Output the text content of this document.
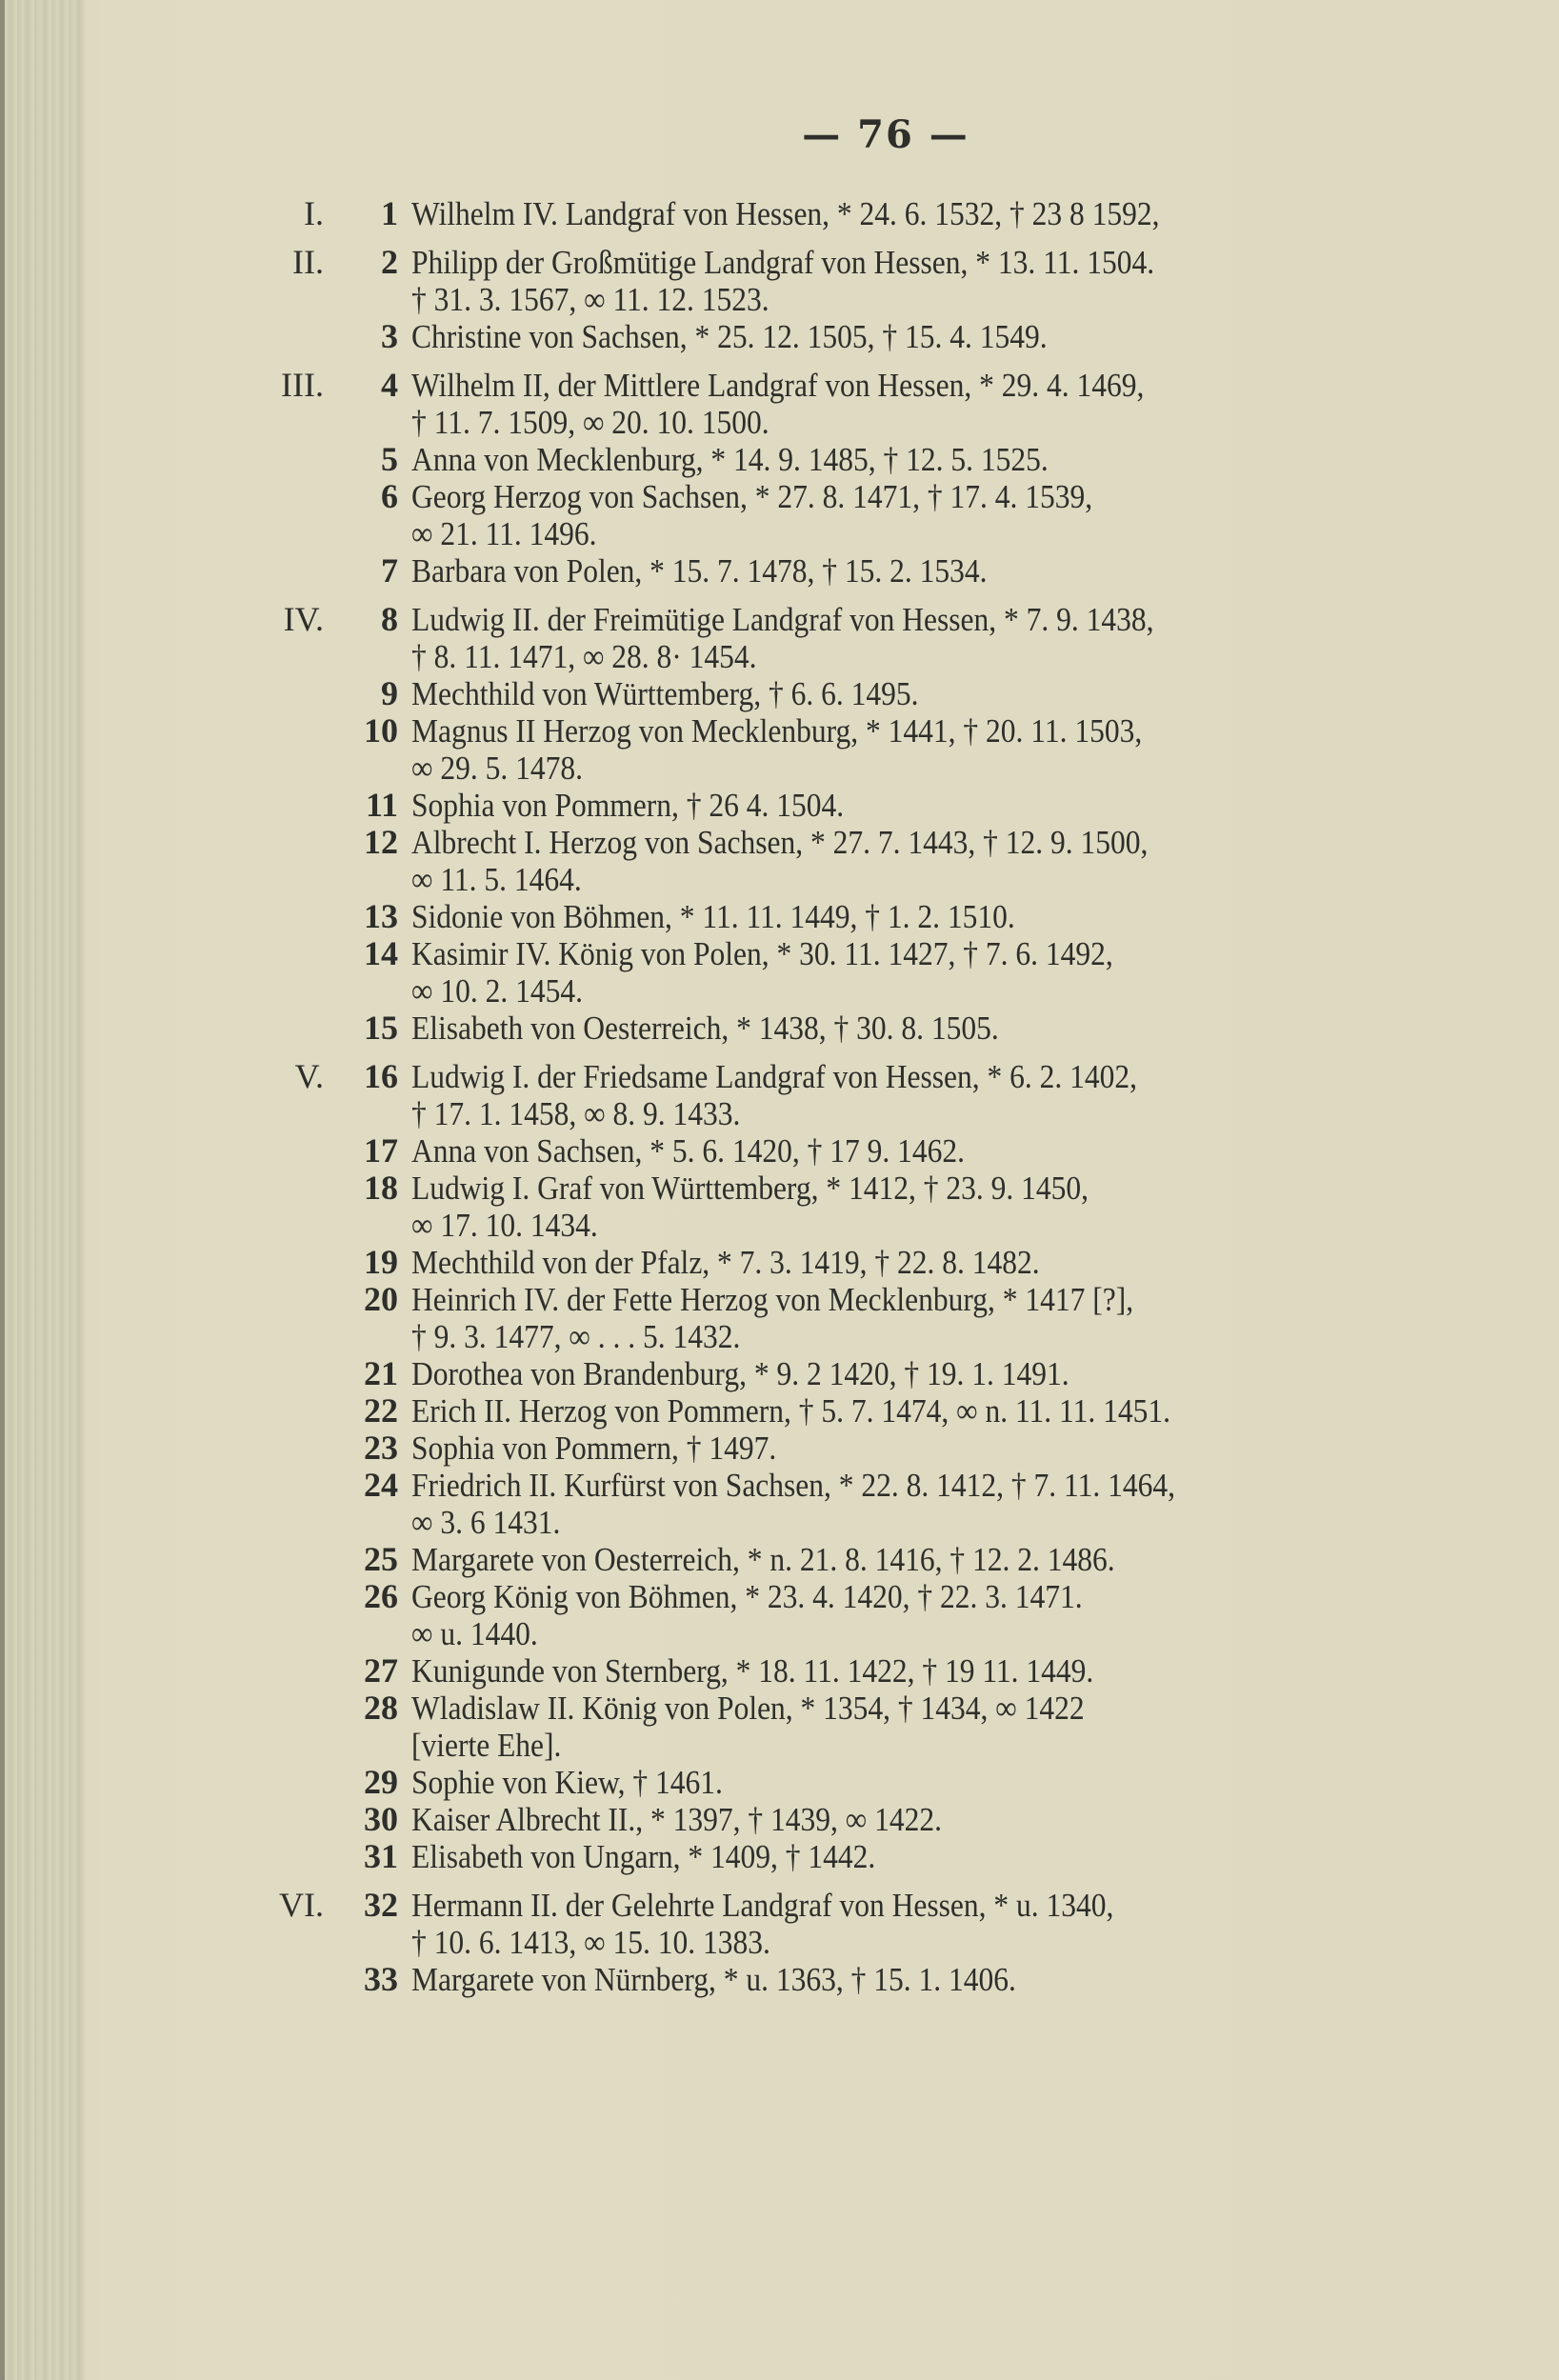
— 76 —
I.	1 Wilhelm IV. Landgraf von Hessen, * 24. 6. 1532, † 23 8 1592,
II.	2 Philipp der Großmütige Landgraf von Hessen, * 13. 11. 1504.
† 31. 3. 1567, ∞ 11. 12. 1523.
3 Christine von Sachsen, * 25. 12. 1505, † 15. 4. 1549.
III.	4 Wilhelm II, der Mittlere Landgraf von Hessen, * 29. 4. 1469,
† 11. 7. 1509, ∞ 20. 10. 1500.
5 Anna von Mecklenburg, * 14. 9. 1485, † 12. 5. 1525.
6 Georg Herzog von Sachsen, * 27. 8. 1471, † 17. 4. 1539,
∞ 21. 11. 1496.
7 Barbara von Polen, * 15. 7. 1478, † 15. 2. 1534.
IV.	8 Ludwig II. der Freimütige Landgraf von Hessen, * 7. 9. 1438,
† 8. 11. 1471, ∞ 28. 8· 1454.
9 Mechthild von Württemberg, † 6. 6. 1495.
10 Magnus II Herzog von Mecklenburg, * 1441, † 20. 11. 1503,
∞ 29. 5. 1478.
11 Sophia von Pommern, † 26 4. 1504.
12 Albrecht I. Herzog von Sachsen, * 27. 7. 1443, † 12. 9. 1500,
∞ 11. 5. 1464.
13 Sidonie von Böhmen, * 11. 11. 1449, † 1. 2. 1510.
14 Kasimir IV. König von Polen, * 30. 11. 1427, † 7. 6. 1492,
∞ 10. 2. 1454.
15 Elisabeth von Oesterreich, * 1438, † 30. 8. 1505.
V.	16 Ludwig I. der Friedsame Landgraf von Hessen, * 6. 2. 1402,
† 17. 1. 1458, ∞ 8. 9. 1433.
17 Anna von Sachsen, * 5. 6. 1420, † 17 9. 1462.
18 Ludwig I. Graf von Württemberg, * 1412, † 23. 9. 1450,
∞ 17. 10. 1434.
19 Mechthild von der Pfalz, * 7. 3. 1419, † 22. 8. 1482.
20 Heinrich IV. der Fette Herzog von Mecklenburg, * 1417 [?],
† 9. 3. 1477, ∞ . . . 5. 1432.
21 Dorothea von Brandenburg, * 9. 2 1420, † 19. 1. 1491.
22 Erich II. Herzog von Pommern, † 5. 7. 1474, ∞ n. 11. 11. 1451.
23 Sophia von Pommern, † 1497.
24 Friedrich II. Kurfürst von Sachsen, * 22. 8. 1412, † 7. 11. 1464,
∞ 3. 6 1431.
25 Margarete von Oesterreich, * n. 21. 8. 1416, † 12. 2. 1486.
26 Georg König von Böhmen, * 23. 4. 1420, † 22. 3. 1471.
∞ u. 1440.
27 Kunigunde von Sternberg, * 18. 11. 1422, † 19 11. 1449.
28 Wladislaw II. König von Polen, * 1354, † 1434, ∞ 1422
[vierte Ehe].
29 Sophie von Kiew, † 1461.
30 Kaiser Albrecht II., * 1397, † 1439, ∞ 1422.
31 Elisabeth von Ungarn, * 1409, † 1442.
VI.	32 Hermann II. der Gelehrte Landgraf von Hessen, * u. 1340,
† 10. 6. 1413, ∞ 15. 10. 1383.
33 Margarete von Nürnberg, * u. 1363, † 15. 1. 1406.
